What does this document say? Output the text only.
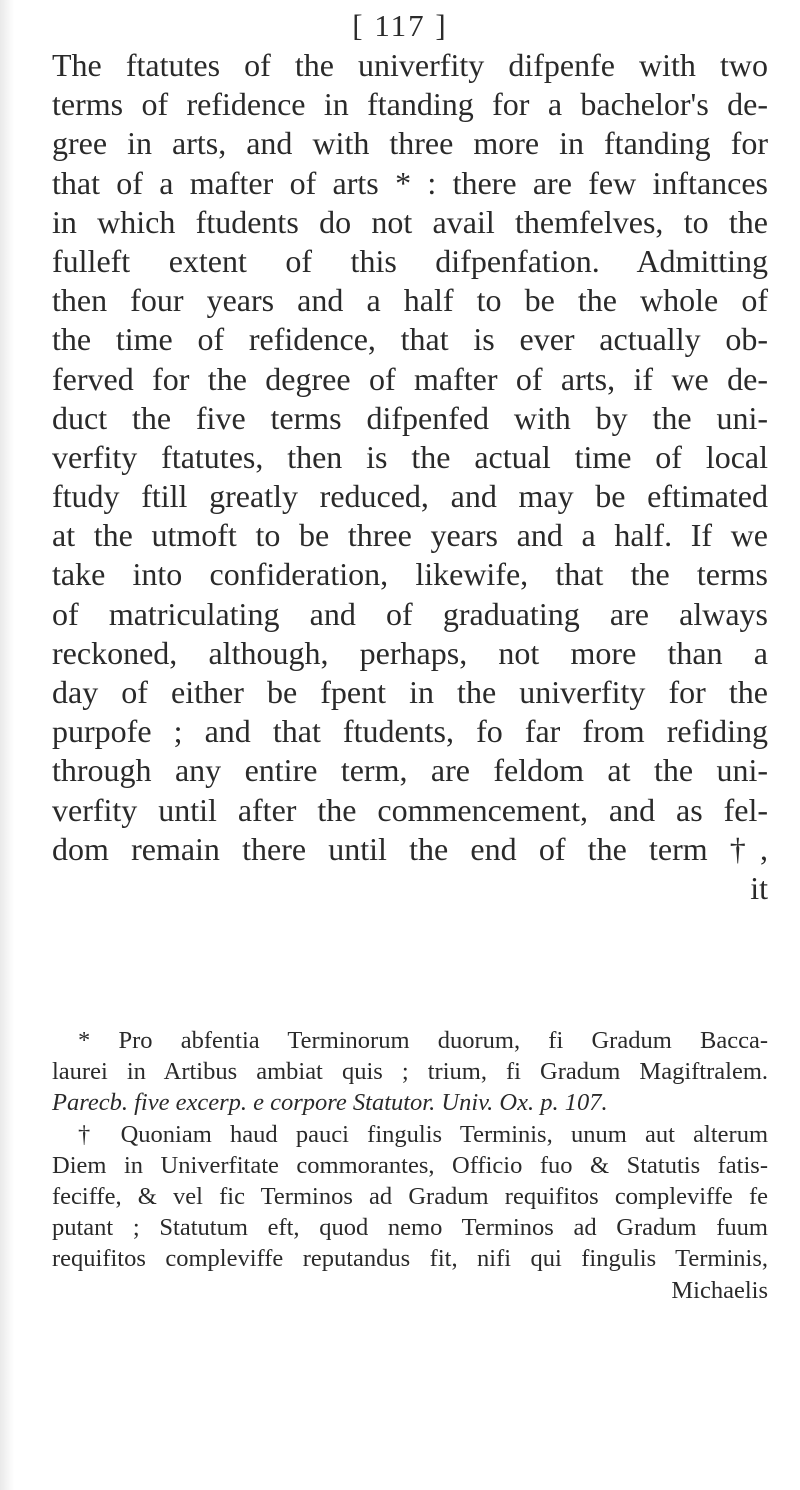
[ 117 ]
The ftatutes of the univerfity difpenfe with two
terms of refidence in ftanding for a bachelor's de-
gree in arts, and with three more in ftanding for
that of a mafter of arts * : there are few inftances
in which ftudents do not avail themfelves, to the
fulleft extent of this difpenfation. Admitting
then four years and a half to be the whole of
the time of refidence, that is ever actually ob-
ferved for the degree of mafter of arts, if we de-
duct the five terms difpenfed with by the uni-
verfity ftatutes, then is the actual time of local
ftudy ftill greatly reduced, and may be eftimated
at the utmoft to be three years and a half. If we
take into confideration, likewife, that the terms
of matriculating and of graduating are always
reckoned, although, perhaps, not more than a
day of either be fpent in the univerfity for the
purpofe ; and that ftudents, fo far from refiding
through any entire term, are feldom at the uni-
verfity until after the commencement, and as fel-
dom remain there until the end of the term †,
it
* Pro abfentia Terminorum duorum, fi Gradum Bacca-
laurei in Artibus ambiat quis ; trium, fi Gradum Magiftralem.
Parecb. five excerp. e corpore Statutor. Univ. Ox. p. 107.
† Quoniam haud pauci fingulis Terminis, unum aut alterum
Diem in Univerfitate commorantes, Officio fuo & Statutis fatis-
feciffe, & vel fic Terminos ad Gradum requifitos compleviffe fe
putant ; Statutum eft, quod nemo Terminos ad Gradum fuum
requifitos compleviffe reputandus fit, nifi qui fingulis Terminis,
Michaelis
